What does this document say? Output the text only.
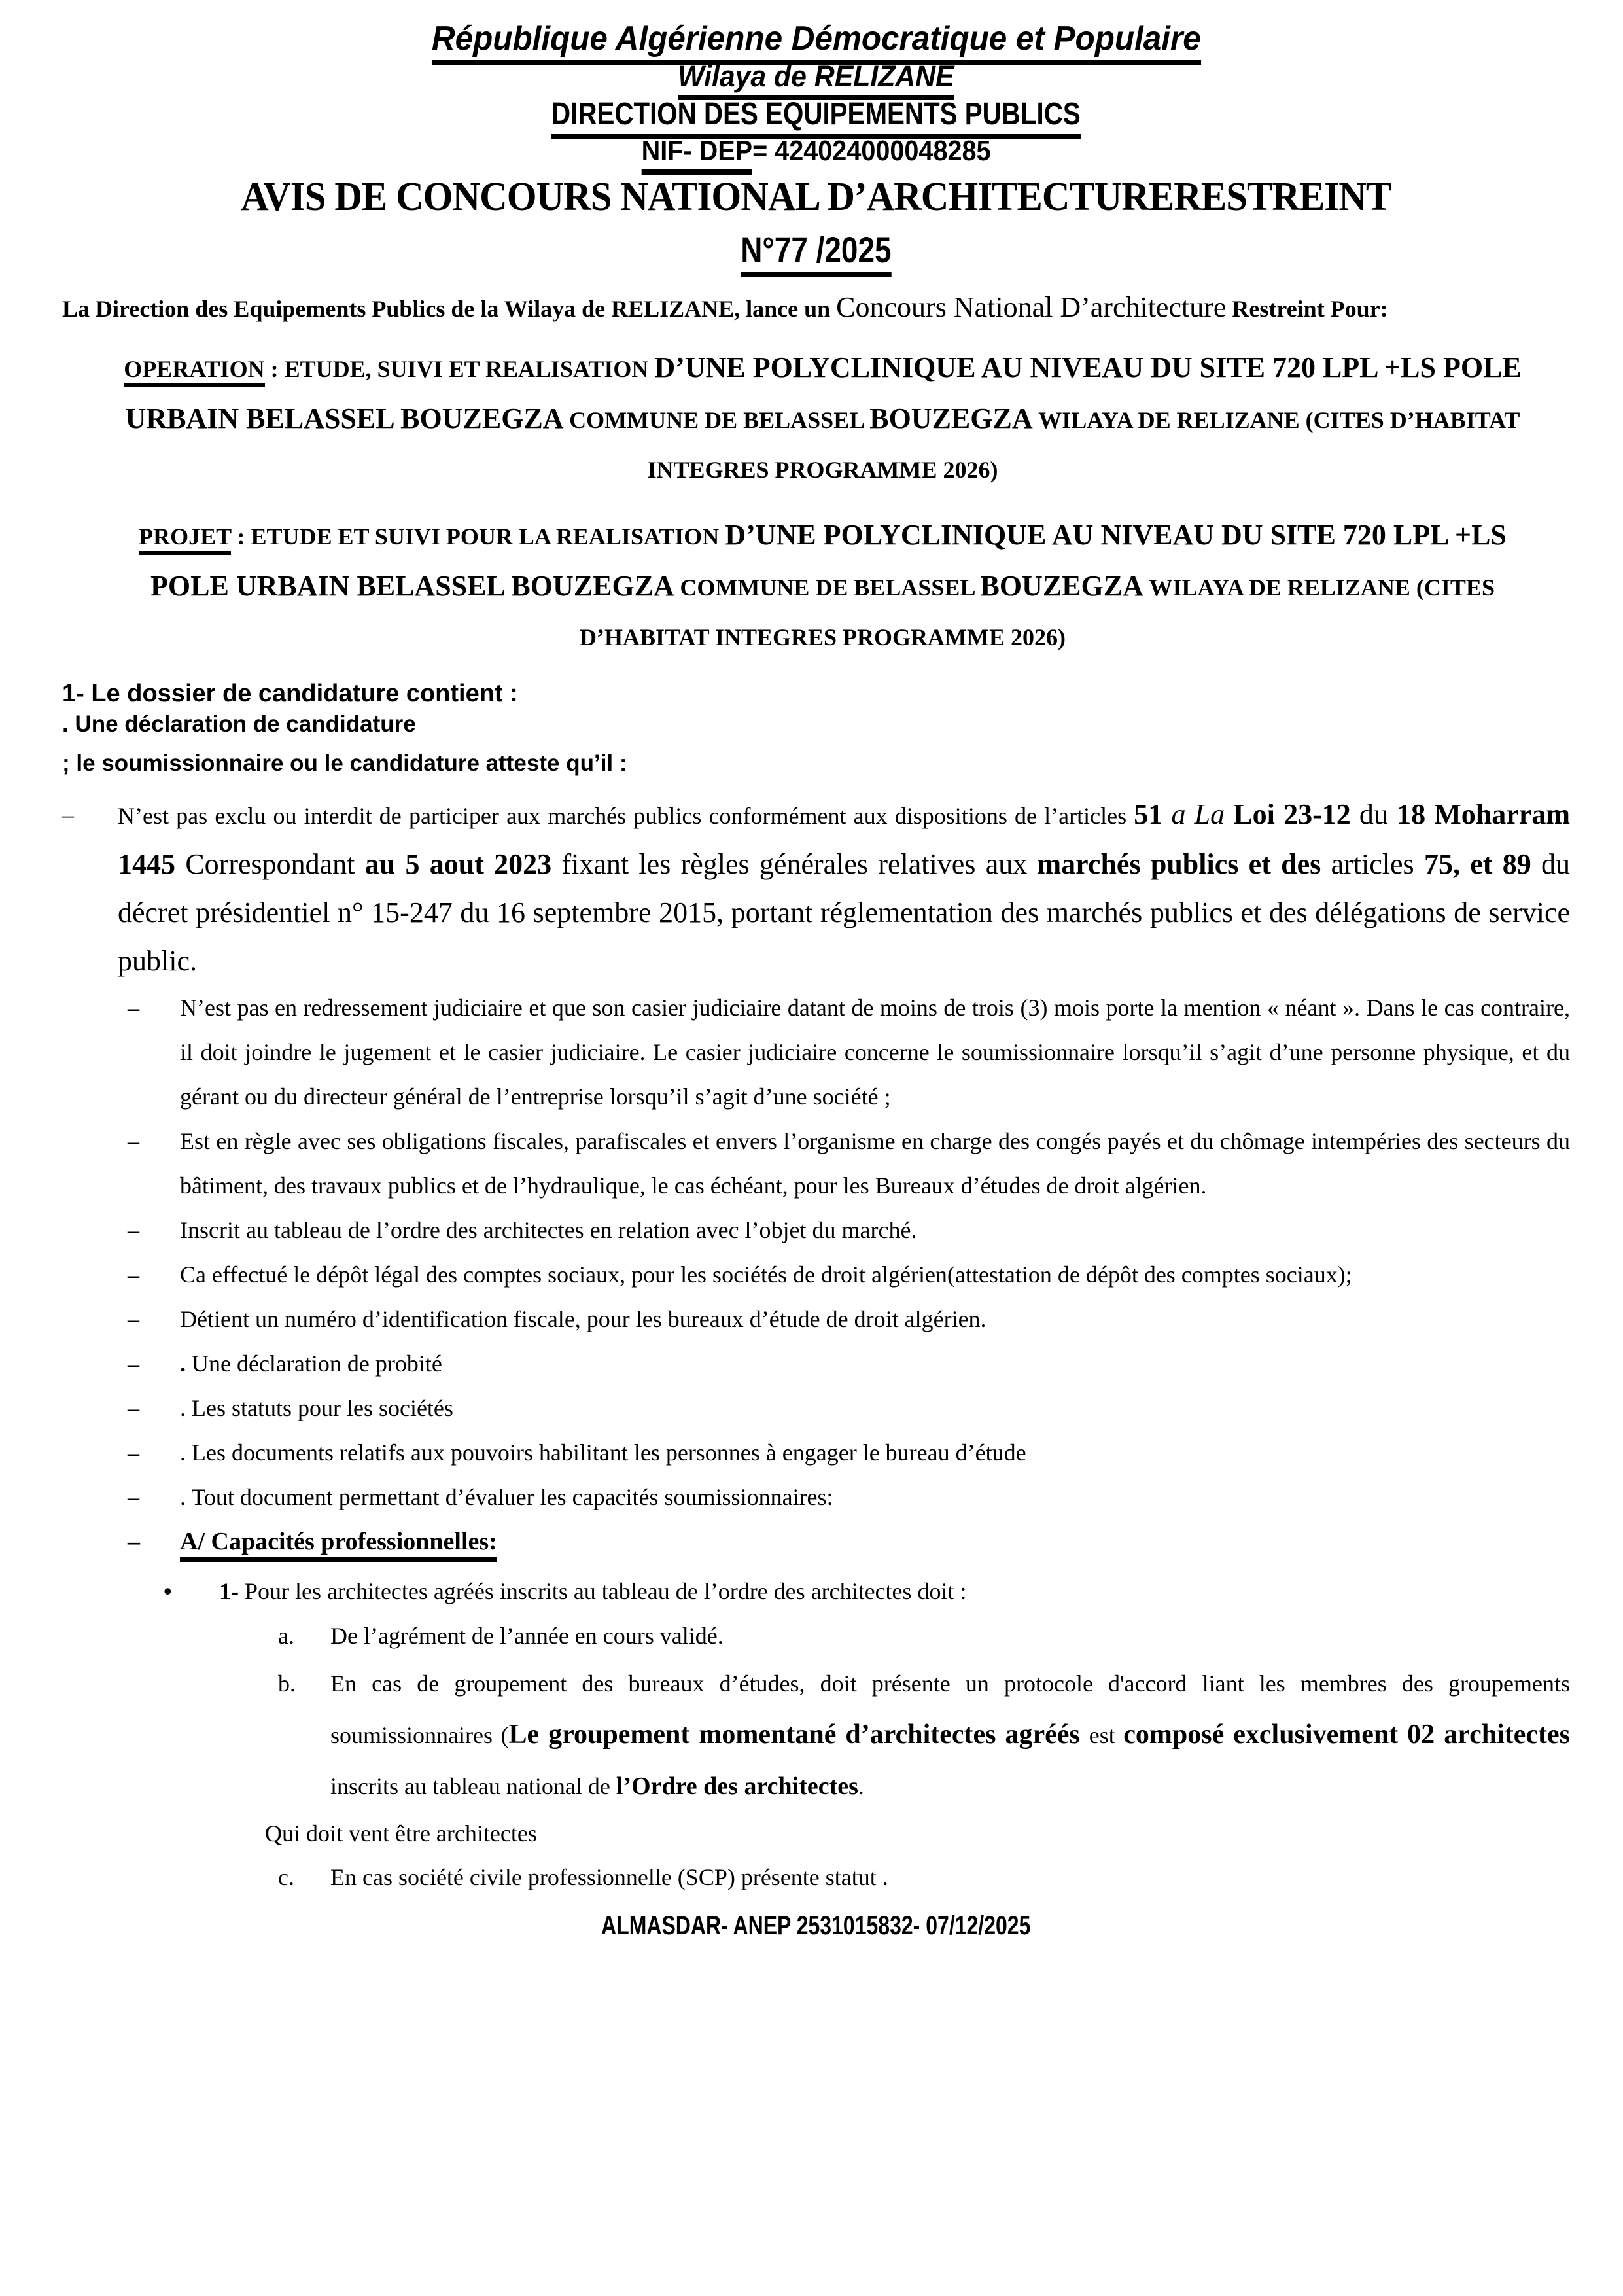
République Algérienne Démocratique et Populaire
Wilaya de RELIZANE
DIRECTION DES EQUIPEMENTS PUBLICS
NIF- DEP= 424024000048285
AVIS DE CONCOURS NATIONAL D’ARCHITECTURERESTREINT
N°77 /2025
La Direction des Equipements Publics de la Wilaya de RELIZANE, lance un Concours National D’architecture Restreint Pour:
OPERATION : ETUDE, SUIVI ET REALISATION D’UNE POLYCLINIQUE AU NIVEAU DU SITE 720 LPL +LS POLE URBAIN BELASSEL BOUZEGZA COMMUNE DE BELASSEL BOUZEGZA WILAYA DE RELIZANE (CITES D’HABITAT INTEGRES PROGRAMME 2026)
PROJET : ETUDE ET SUIVI POUR LA REALISATION D’UNE POLYCLINIQUE AU NIVEAU DU SITE 720 LPL +LS POLE URBAIN BELASSEL BOUZEGZA COMMUNE DE BELASSEL BOUZEGZA WILAYA DE RELIZANE (CITES D’HABITAT INTEGRES PROGRAMME 2026)
1- Le dossier de candidature contient :
. Une déclaration de candidature
; le soumissionnaire ou le candidature atteste qu’il :
– N’est pas exclu ou interdit de participer aux marchés publics conformément aux dispositions de l’articles 51 a La Loi 23-12 du 18 Moharram 1445 Correspondant au 5 aout 2023 fixant les règles générales relatives aux marchés publics et des articles 75, et 89 du décret présidentiel n° 15-247 du 16 septembre 2015, portant réglementation des marchés publics et des délégations de service public.
– N’est pas en redressement judiciaire et que son casier judiciaire datant de moins de trois (3) mois porte la mention « néant ». Dans le cas contraire, il doit joindre le jugement et le casier judiciaire. Le casier judiciaire concerne le soumissionnaire lorsqu’il s’agit d’une personne physique, et du gérant ou du directeur général de l’entreprise lorsqu’il s’agit d’une société ;
– Est en règle avec ses obligations fiscales, parafiscales et envers l’organisme en charge des congés payés et du chômage intempéries des secteurs du bâtiment, des travaux publics et de l’hydraulique, le cas échéant, pour les Bureaux d’études de droit algérien.
– Inscrit au tableau de l’ordre des architectes en relation avec l’objet du marché.
– Ca effectué le dépôt légal des comptes sociaux, pour les sociétés de droit algérien(attestation de dépôt des comptes sociaux);
– Détient un numéro d’identification fiscale, pour les bureaux d’étude de droit algérien.
– . Une déclaration de probité
– . Les statuts pour les sociétés
– . Les documents relatifs aux pouvoirs habilitant les personnes à engager le bureau d’étude
– . Tout document permettant d’évaluer les capacités soumissionnaires:
– A/ Capacités professionnelles:
• 1- Pour les architectes agréés inscrits au tableau de l’ordre des architectes doit :
a. De l’agrément de l’année en cours validé.
b. En cas de groupement des bureaux d’études, doit présente un protocole d'accord liant les membres des groupements soumissionnaires (Le groupement momentané d’architectes agréés est composé exclusivement 02 architectes inscrits au tableau national de l’Ordre des architectes.
Qui doit vent être architectes
c. En cas société civile professionnelle (SCP) présente statut .
ALMASDAR- ANEP 2531015832- 07/12/2025
